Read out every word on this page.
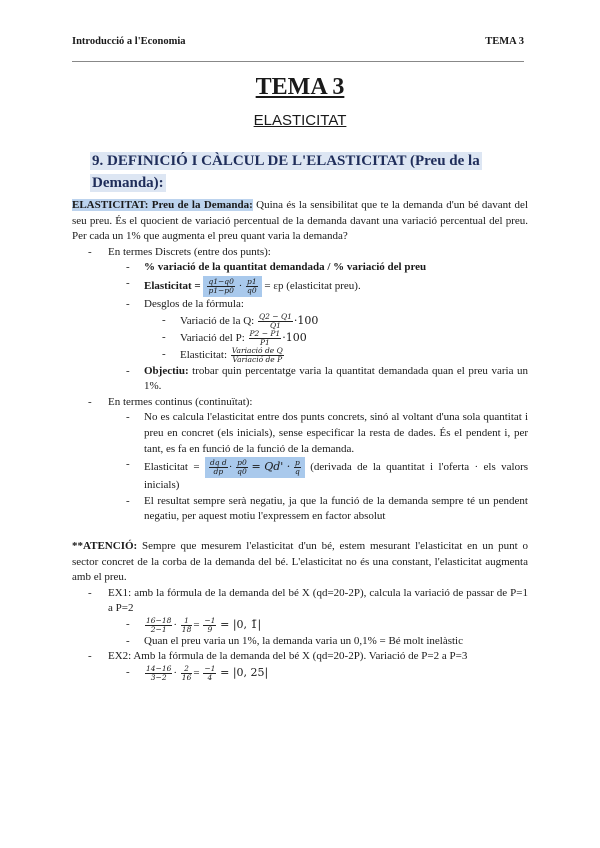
Introducció a l'Economia	TEMA 3
TEMA 3
ELASTICITAT
9. DEFINICIÓ I CÀLCUL DE L'ELASTICITAT (Preu de la Demanda):

ELASTICITAT: Preu de la Demanda: Quina és la sensibilitat que te la demanda d'un bé davant del seu preu. És el quocient de variació percentual de la demanda davant una variació percentual del preu. Per cada un 1% que augmenta el preu quant varia la demanda?

- En termes Discrets (entre dos punts):
- % variació de la quantitat demandada / % variació del preu
- Elasticitat = $\frac{q1-q0}{p1-p0} \cdot \frac{p1}{q0} = \varepsilon p$ (elasticitat preu).
- Desglos de la fórmula:
- Variació de la Q: $\frac{Q2 - Q1}{Q1} \cdot 100$
- Variació del P: $\frac{P2 - P1}{P1} \cdot 100$
- Elasticitat: $\frac{\text{Variació de Q}}{\text{Variació de P}}$
- Objectiu: trobar quin percentatge varia la quantitat demandada quan el preu varia un 1%.
- En termes continus (continuïtat):
- No es calcula l'elasticitat entre dos punts concrets, sinó al voltant d'una sola quantitat i preu en concret (els inicials), sense especificar la resta de dades. És el pendent i, per tant, es fa en funció de la funció de la demanda.
- Elasticitat = $\frac{\text{dq d}}{dp} \cdot \frac{p0}{q0} = Qd' \cdot \frac{p}{q}$ (derivada de la quantitat i l'oferta · els valors inicials)
- El resultat sempre serà negatiu, ja que la funció de la demanda sempre té un pendent negatiu, per aquest motiu l'expressem en factor absolut

**ATENCIÓ: Sempre que mesurem l'elasticitat d'un bé, estem mesurant l'elasticitat en un punt o sector concret de la corba de la demanda del bé. L'elasticitat no és una constant, l'elasticitat augmenta amb el preu.

- EX1: amb la fórmula de la demanda del bé X (qd=20-2P), calcula la variació de passar de P=1 a P=2
- $\frac{16-18}{2-1} \cdot \frac{1}{18} = \frac{-1}{9} = |0$, 1̄|
- Quan el preu varia un 1%, la demanda varia un 0,1% = Bé molt inelàstic
- EX2: Amb la fórmula de la demanda del bé X (qd=20-2P). Variació de P=2 a P=3
- $\frac{14-16}{3-2} \cdot \frac{2}{16} = \frac{-1}{4} = |0$, 25|
